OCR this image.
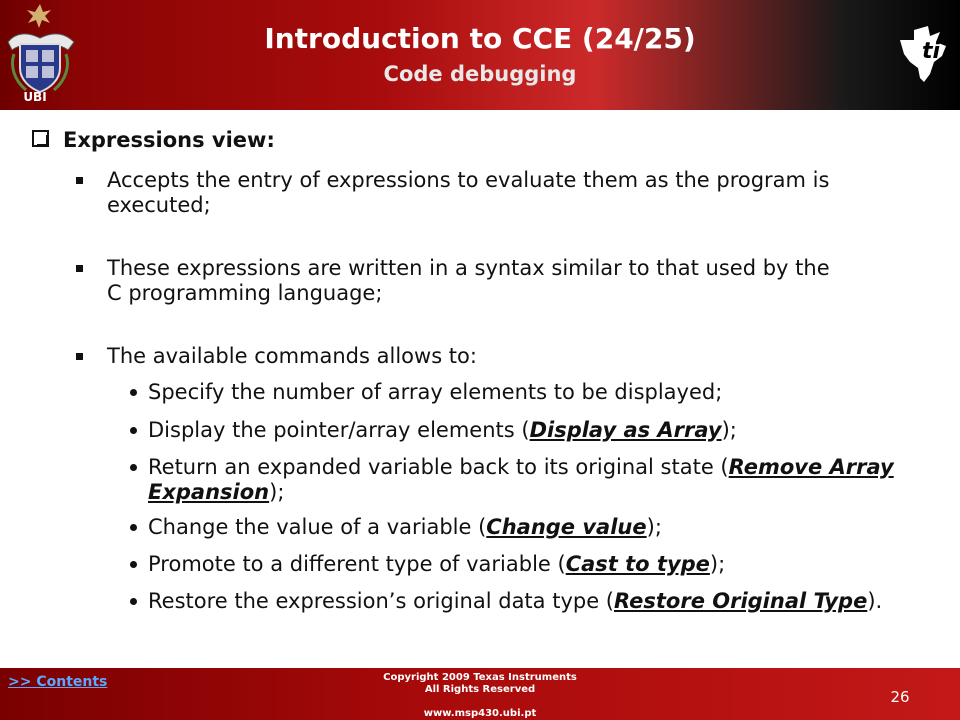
UBI
Introduction to CCE (24/25)
Code debugging
ti
Expressions view:
Accepts the entry of expressions to evaluate them as the program is executed;
These expressions are written in a syntax similar to that used by the C programming language;
The available commands allows to:
Specify the number of array elements to be displayed;
Display the pointer/array elements (Display as Array);
Return an expanded variable back to its original state (Remove Array Expansion);
Change the value of a variable (Change value);
Promote to a different type of variable (Cast to type);
Restore the expression’s original data type (Restore Original Type).
>> Contents	Copyright 2009 Texas Instruments
All Rights Reserved
www.msp430.ubi.pt
26
